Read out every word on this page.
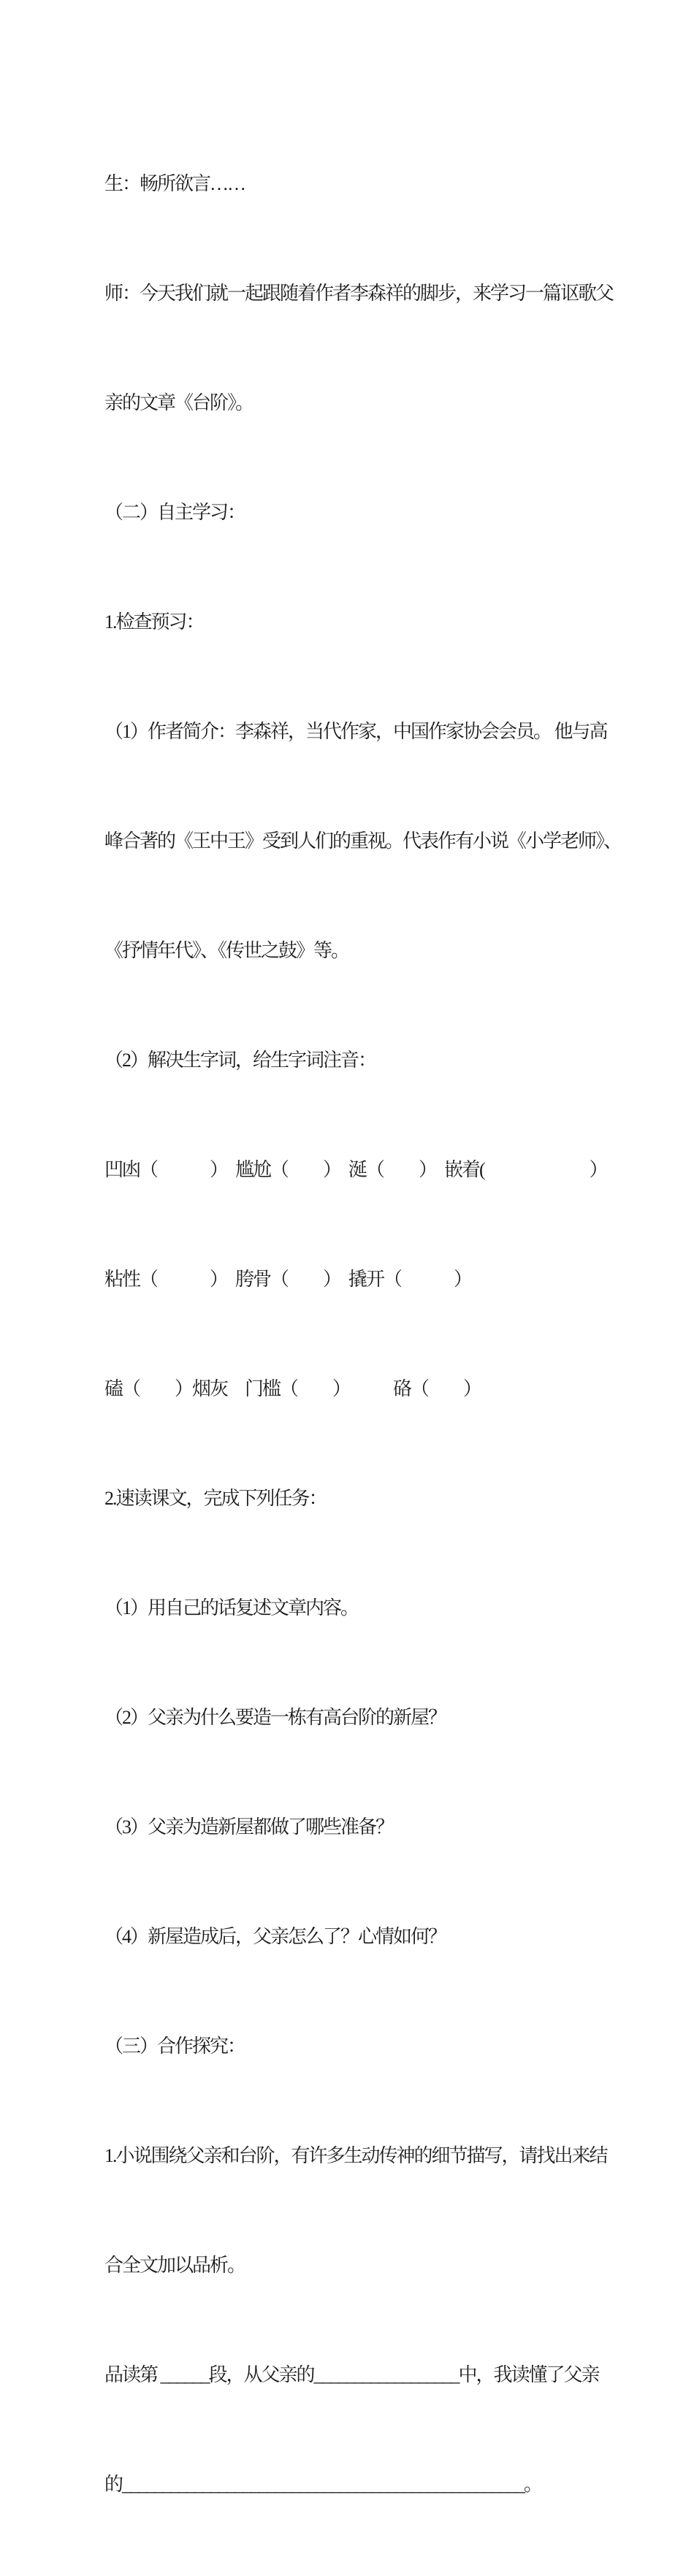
生：畅所欲言……

师：今天我们就一起跟随着作者李森祥的脚步，来学习一篇讴歌父

亲的文章《台阶》。

（二）自主学习：

1.检查预习：

（1）作者简介：李森祥，当代作家，中国作家协会会员。 他与高

峰合著的《王中王》受到人们的重视。代表作有小说《小学老师》、

《抒情年代》、《传世之鼓》等。

（2）解决生字词，给生字词注音：

凹凼（　　　）　尴尬（　　）　涎（　　）　嵌着(　　　　　　）

粘性（　　　）　胯骨（　　）　撬开（　　　）

磕（　　）烟灰　门槛（　　）　　　硌（　　）

2.速读课文，完成下列任务：

（1）用自己的话复述文章内容。

（2）父亲为什么要造一栋有高台阶的新屋？

（3）父亲为造新屋都做了哪些准备？

（4）新屋造成后，父亲怎么了？心情如何？

（三）合作探究：

1.小说围绕父亲和台阶，有许多生动传神的细节描写，请找出来结

合全文加以品析。

品读第 ______段，从父亲的__________________中，我读懂了父亲

的__________________________________________________。
